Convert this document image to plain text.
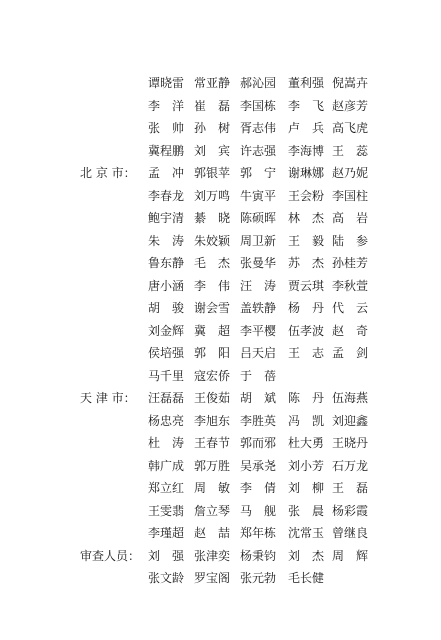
谭晓雷 常亚静 郝沁园 董利强 倪嵩卉
李　洋 崔　磊 李国栋 李　飞 赵彦芳
张　帅 孙　树 胥志伟 卢　兵 高飞虎
冀程鹏 刘　宾 许志强 李海博 王　蕊
北 京 市：	孟　冲 郭银苹 郭　宁 谢琳娜 赵乃妮
李春龙 刘万鸣 牛寅平 王会粉 李国柱
鲍宇清 綦　晓 陈硕晖 林　杰 高　岩
朱　涛 朱姣颖 周卫新 王　毅 陆　参
鲁东静 毛　杰 张曼华 苏　杰 孙桂芳
唐小涵 李　伟 汪　涛 贾云琪 李秋萱
胡　骏 谢会雪 盖轶静 杨　丹 代　云
刘金辉 冀　超 李平樱 伍孝波 赵　奇
侯培强 郭　阳 吕天启 王　志 孟　剑
马千里 寇宏侨 于　蓓
天 津 市：	汪磊磊 王俊茹 胡　斌 陈　丹 伍海燕
杨忠亮 李旭东 李胜英 冯　凯 刘迎鑫
杜　涛 王春节 郭而邪 杜大勇 王晓丹
韩广成 郭万胜 吴承尧 刘小芳 石万龙
郑立红 周　敏 李　倩 刘　柳 王　磊
王雯翡 詹立琴 马　舰 张　晨 杨彩霞
李瑾超 赵　喆 郑年栋 沈常玉 曾继良
审查人员： 刘　强 张津奕 杨秉钧 刘　杰 周　辉
张文龄 罗宝阁 张元勃 毛长健
